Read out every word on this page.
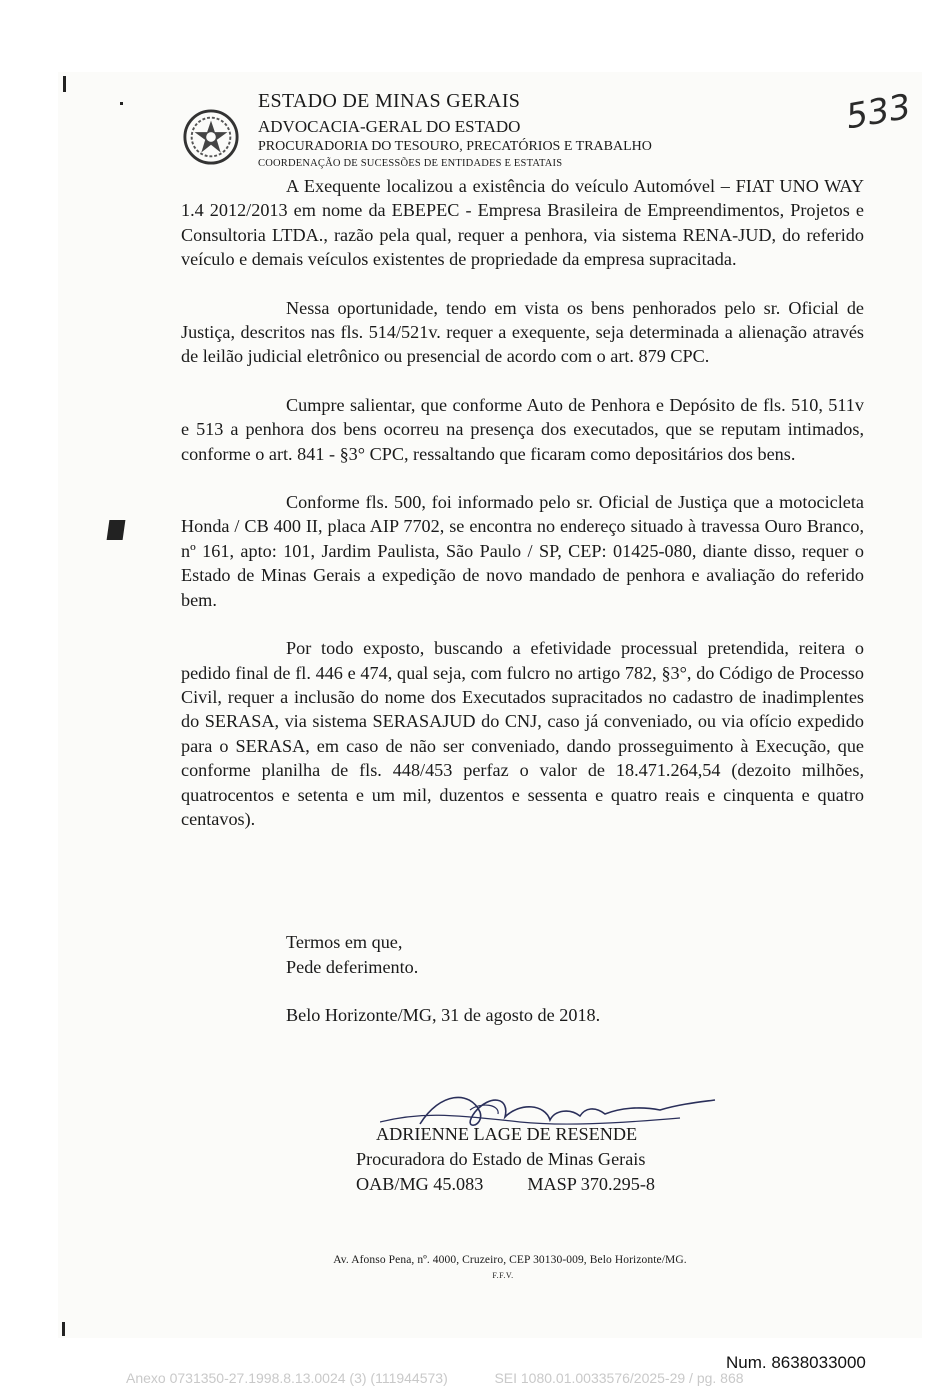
ESTADO DE MINAS GERAIS
ADVOCACIA-GERAL DO ESTADO
PROCURADORIA DO TESOURO, PRECATÓRIOS E TRABALHO
COORDENAÇÃO DE SUCESSÕES DE ENTIDADES E ESTATAIS
533

A Exequente localizou a existência do veículo Automóvel – FIAT UNO WAY 1.4 2012/2013 em nome da EBEPEC - Empresa Brasileira de Empreendimentos, Projetos e Consultoria LTDA., razão pela qual, requer a penhora, via sistema RENA-JUD, do referido veículo e demais veículos existentes de propriedade da empresa supracitada.

Nessa oportunidade, tendo em vista os bens penhorados pelo sr. Oficial de Justiça, descritos nas fls. 514/521v. requer a exequente, seja determinada a alienação através de leilão judicial eletrônico ou presencial de acordo com o art. 879 CPC.

Cumpre salientar, que conforme Auto de Penhora e Depósito de fls. 510, 511v e 513 a penhora dos bens ocorreu na presença dos executados, que se reputam intimados, conforme o art. 841 - §3° CPC, ressaltando que ficaram como depositários dos bens.

Conforme fls. 500, foi informado pelo sr. Oficial de Justiça que a motocicleta Honda / CB 400 II, placa AIP 7702, se encontra no endereço situado à travessa Ouro Branco, nº 161, apto: 101, Jardim Paulista, São Paulo / SP, CEP: 01425-080, diante disso, requer o Estado de Minas Gerais a expedição de novo mandado de penhora e avaliação do referido bem.

Por todo exposto, buscando a efetividade processual pretendida, reitera o pedido final de fl. 446 e 474, qual seja, com fulcro no artigo 782, §3°, do Código de Processo Civil, requer a inclusão do nome dos Executados supracitados no cadastro de inadimplentes do SERASA, via sistema SERASAJUD do CNJ, caso já conveniado, ou via ofício expedido para o SERASA, em caso de não ser conveniado, dando prosseguimento à Execução, que conforme planilha de fls. 448/453 perfaz o valor de 18.471.264,54 (dezoito milhões, quatrocentos e setenta e um mil, duzentos e sessenta e quatro reais e cinquenta e quatro centavos).

Termos em que,
Pede deferimento.
Belo Horizonte/MG, 31 de agosto de 2018.
ADRIENNE LAGE DE RESENDE
Procuradora do Estado de Minas Gerais
OAB/MG 45.083 MASP 370.295-8
Av. Afonso Pena, nº. 4000, Cruzeiro, CEP 30130-009, Belo Horizonte/MG.
F.F.V.
Num. 8638033000
Anexo 0731350-27.1998.8.13.0024 (3) (111944573)	SEI 1080.01.0033576/2025-29 / pg. 868
